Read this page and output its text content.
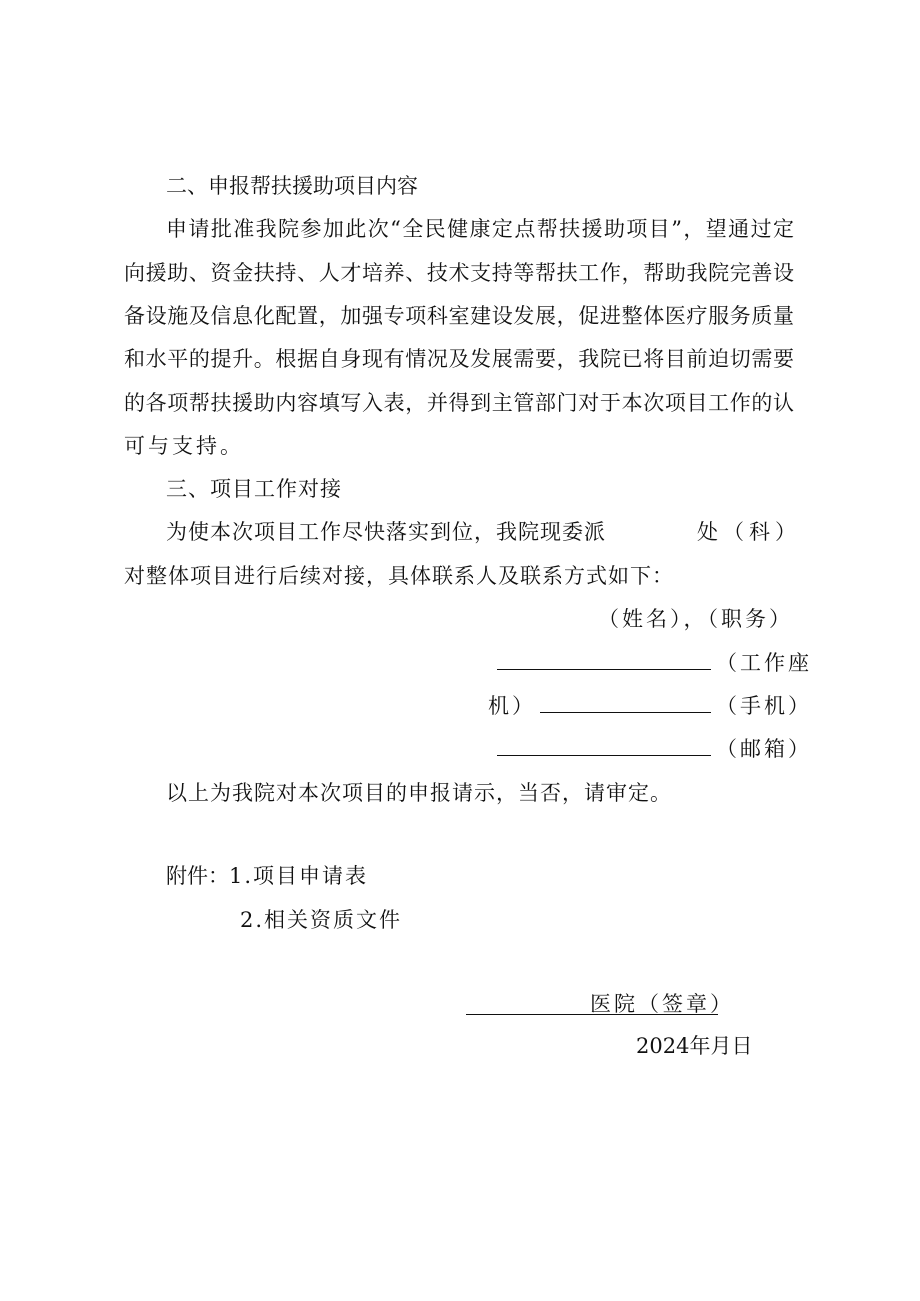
二、申报帮扶援助项目内容
申请批准我院参加此次“全民健康定点帮扶援助项目”，望通过定
向援助、资金扶持、人才培养、技术支持等帮扶工作，帮助我院完善设
备设施及信息化配置，加强专项科室建设发展，促进整体医疗服务质量
和水平的提升。根据自身现有情况及发展需要，我院已将目前迫切需要
的各项帮扶援助内容填写入表，并得到主管部门对于本次项目工作的认
可与支持。
三、项目工作对接
为使本次项目工作尽快落实到位，我院现委派	处（科）
对整体项目进行后续对接，具体联系人及联系方式如下：
（姓名），（职务）
（工作座
机）	（手机）
（邮箱）
以上为我院对本次项目的申报请示，当否，请审定。
附件： 1.项目申请表
2.相关资质文件
医院（签章）
2024年月日
